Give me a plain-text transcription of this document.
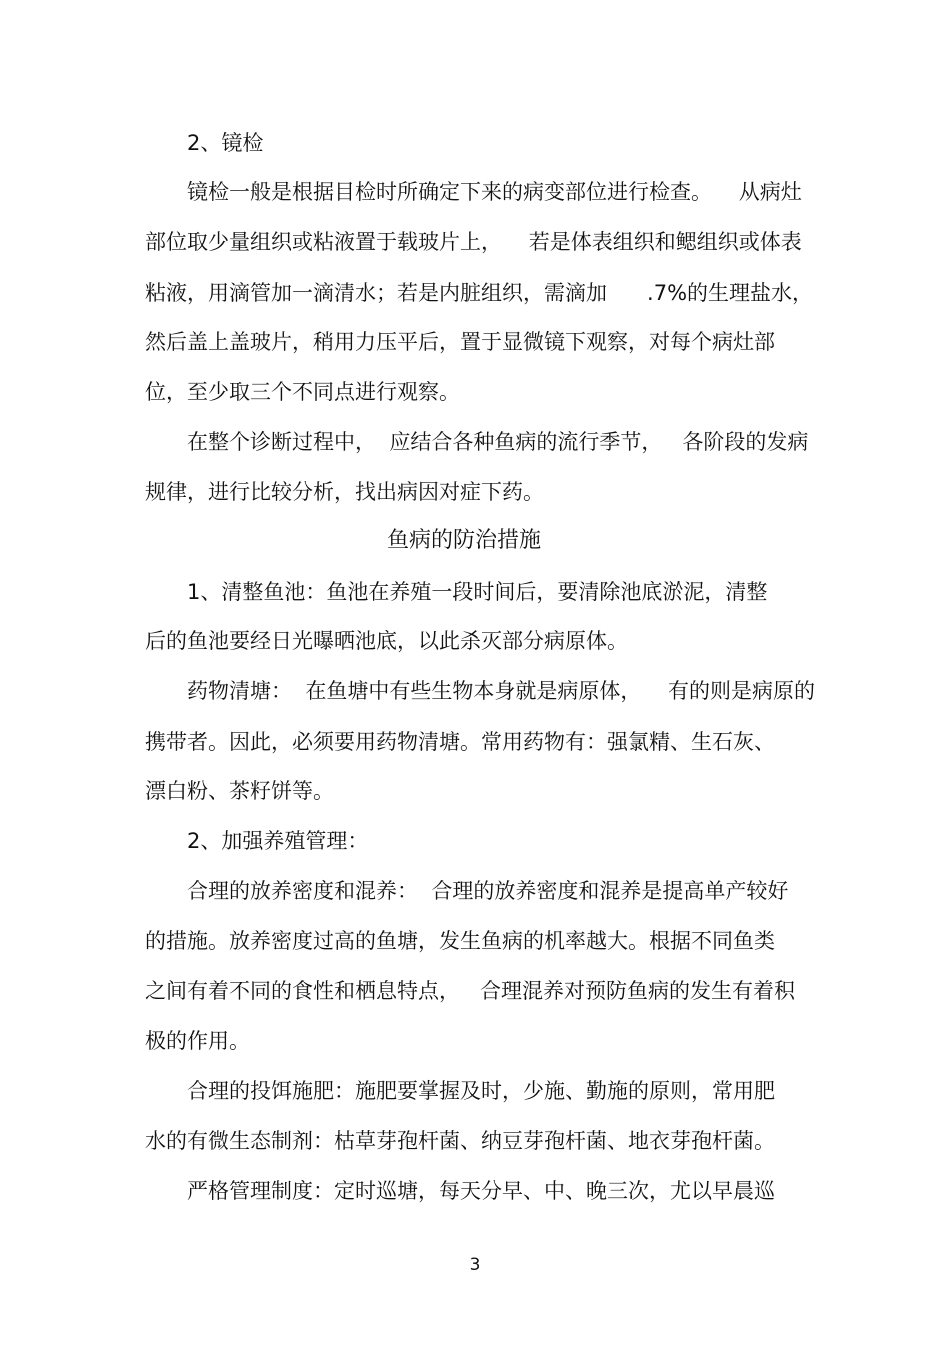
2、镜检
镜检一般是根据目检时所确定下来的病变部位进行检查。    从病灶
部位取少量组织或粘液置于载玻片上，    若是体表组织和鳃组织或体表
粘液，用滴管加一滴清水；若是内脏组织，需滴加      .7%的生理盐水，
然后盖上盖玻片，稍用力压平后，置于显微镜下观察，对每个病灶部
位，至少取三个不同点进行观察。
在整个诊断过程中，  应结合各种鱼病的流行季节，   各阶段的发病
规律，进行比较分析，找出病因对症下药。
鱼病的防治措施
1、清整鱼池：鱼池在养殖一段时间后，要清除池底淤泥，清整
后的鱼池要经日光曝晒池底，以此杀灭部分病原体。
药物清塘：  在鱼塘中有些生物本身就是病原体，    有的则是病原的
携带者。因此，必须要用药物清塘。常用药物有：强氯精、生石灰、
漂白粉、茶籽饼等。
2、加强养殖管理：
合理的放养密度和混养：  合理的放养密度和混养是提高单产较好
的措施。放养密度过高的鱼塘，发生鱼病的机率越大。根据不同鱼类
之间有着不同的食性和栖息特点，   合理混养对预防鱼病的发生有着积
极的作用。
合理的投饵施肥：施肥要掌握及时，少施、勤施的原则，常用肥
水的有微生态制剂：枯草芽孢杆菌、纳豆芽孢杆菌、地衣芽孢杆菌。
严格管理制度：定时巡塘，每天分早、中、晚三次，尤以早晨巡
3
